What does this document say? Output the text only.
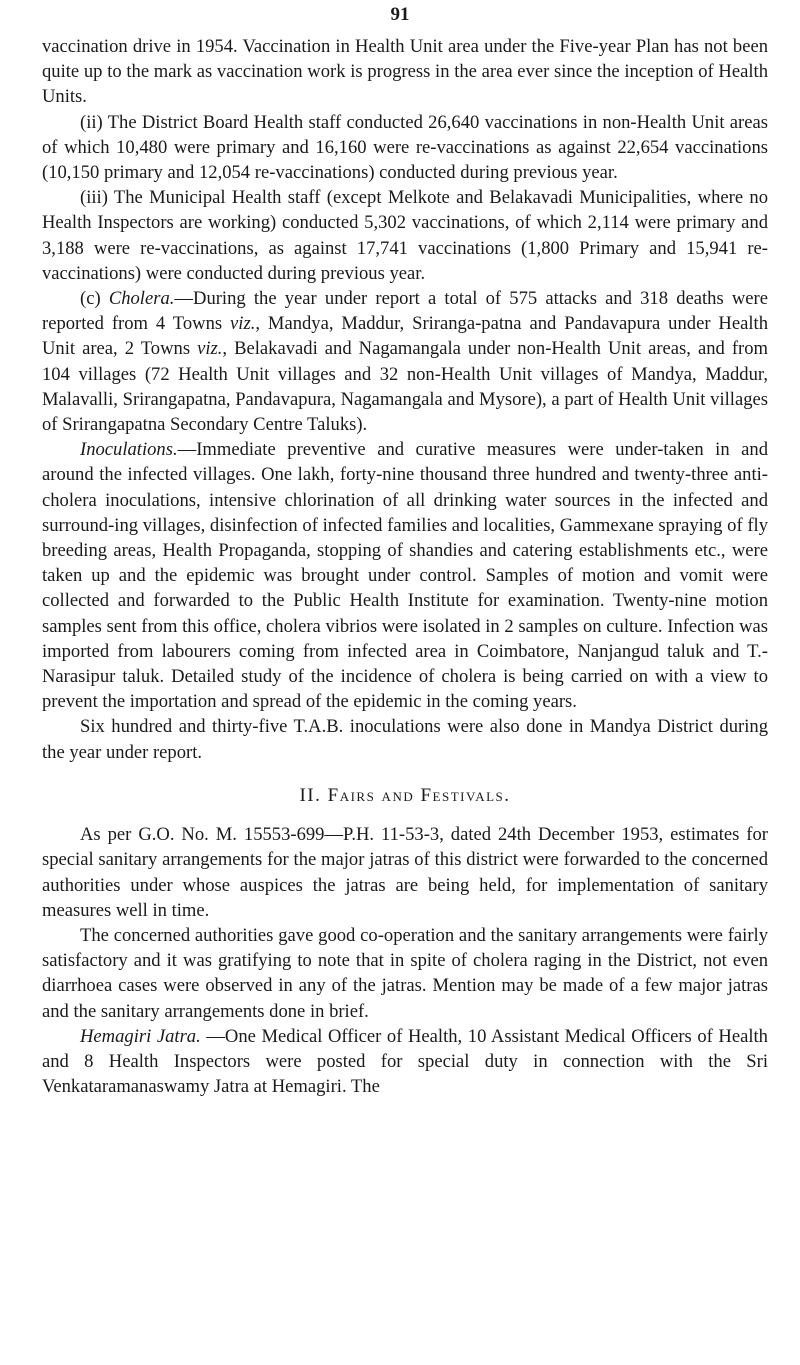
91

vaccination drive in 1954. Vaccination in Health Unit area under the Five-year Plan has not been quite up to the mark as vaccination work is progress in the area ever since the inception of Health Units.

(ii) The District Board Health staff conducted 26,640 vaccinations in non-Health Unit areas of which 10,480 were primary and 16,160 were re-vaccinations as against 22,654 vaccinations (10,150 primary and 12,054 re-vaccinations) conducted during previous year.

(iii) The Municipal Health staff (except Melkote and Belakavadi Municipalities, where no Health Inspectors are working) conducted 5,302 vaccinations, of which 2,114 were primary and 3,188 were re-vaccinations, as against 17,741 vaccinations (1,800 Primary and 15,941 re-vaccinations) were conducted during previous year.

(c) Cholera.—During the year under report a total of 575 attacks and 318 deaths were reported from 4 Towns viz., Mandya, Maddur, Sriranga-patna and Pandavapura under Health Unit area, 2 Towns viz., Belakavadi and Nagamangala under non-Health Unit areas, and from 104 villages (72 Health Unit villages and 32 non-Health Unit villages of Mandya, Maddur, Malavalli, Srirangapatna, Pandavapura, Nagamangala and Mysore), a part of Health Unit villages of Srirangapatna Secondary Centre Taluks).

Inoculations.—Immediate preventive and curative measures were under-taken in and around the infected villages. One lakh, forty-nine thousand three hundred and twenty-three anti-cholera inoculations, intensive chlorination of all drinking water sources in the infected and surround-ing villages, disinfection of infected families and localities, Gammexane spraying of fly breeding areas, Health Propaganda, stopping of shandies and catering establishments etc., were taken up and the epidemic was brought under control. Samples of motion and vomit were collected and forwarded to the Public Health Institute for examination. Twenty-nine motion samples sent from this office, cholera vibrios were isolated in 2 samples on culture. Infection was imported from labourers coming from infected area in Coimbatore, Nanjangud taluk and T.-Narasipur taluk. Detailed study of the incidence of cholera is being carried on with a view to prevent the importation and spread of the epidemic in the coming years.

Six hundred and thirty-five T.A.B. inoculations were also done in Mandya District during the year under report.

II. Fairs and Festivals.

As per G.O. No. M. 15553-699—P.H. 11-53-3, dated 24th December 1953, estimates for special sanitary arrangements for the major jatras of this district were forwarded to the concerned authorities under whose auspices the jatras are being held, for implementation of sanitary measures well in time.

The concerned authorities gave good co-operation and the sanitary arrangements were fairly satisfactory and it was gratifying to note that in spite of cholera raging in the District, not even diarrhoea cases were observed in any of the jatras. Mention may be made of a few major jatras and the sanitary arrangements done in brief.

Hemagiri Jatra. —One Medical Officer of Health, 10 Assistant Medical Officers of Health and 8 Health Inspectors were posted for special duty in connection with the Sri Venkataramanaswamy Jatra at Hemagiri. The
